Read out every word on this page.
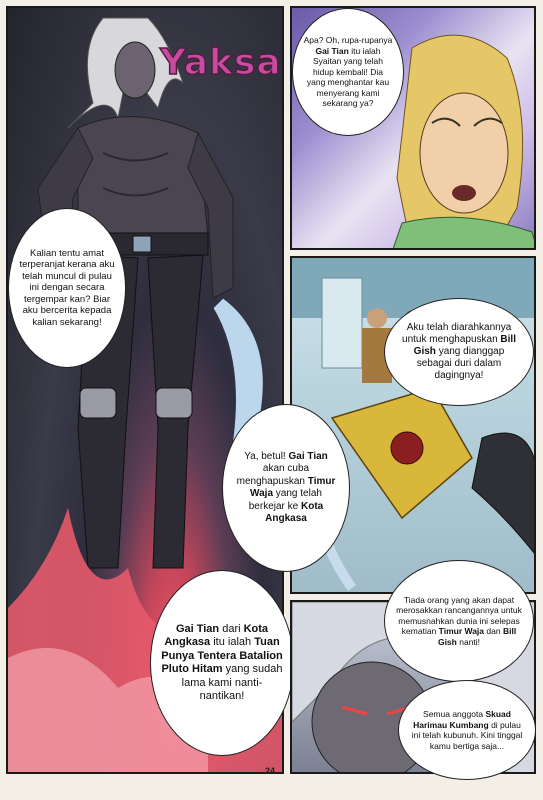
Yaksa
Kalian tentu amat terperanjat kerana aku telah muncul di pulau ini dengan secara tergempar kan? Biar aku bercerita kepada kalian sekarang!
Apa? Oh, rupa-rupanya Gai Tian itu ialah Syaitan yang telah hidup kembali! Dia yang menghantar kau menyerang kami sekarang ya?
Aku telah diarahkannya untuk menghapuskan Bill Gish yang dianggap sebagai duri dalam dagingnya!
Ya, betul! Gai Tian akan cuba menghapuskan Timur Waja yang telah berkejar ke Kota Angkasa
Gai Tian dari Kota Angkasa itu ialah Tuan Punya Tentera Batalion Pluto Hitam yang sudah lama kami nanti-nantikan!
Tiada orang yang akan dapat merosakkan rancangannya untuk memusnahkan dunia ini selepas kematian Timur Waja dan Bill Gish nanti!
Semua anggota Skuad Harimau Kumbang di pulau ini telah kubunuh. Kini tinggal kamu bertiga saja...
24
